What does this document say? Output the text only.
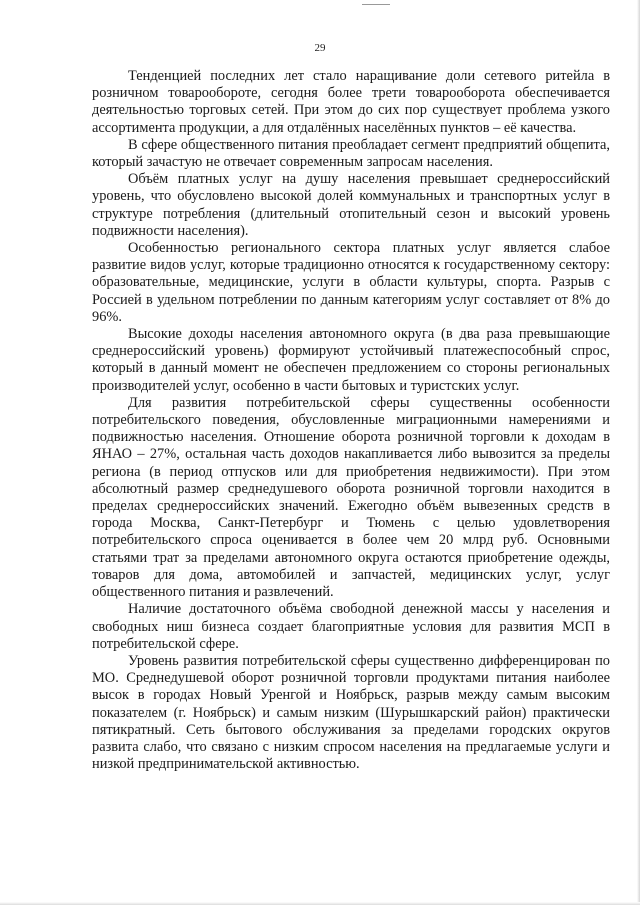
29

Тенденцией последних лет стало наращивание доли сетевого ритейла в розничном товарообороте, сегодня более трети товарооборота обеспечивается деятельностью торговых сетей. При этом до сих пор существует проблема узкого ассортимента продукции, а для отдалённых населённых пунктов – её качества.

В сфере общественного питания преобладает сегмент предприятий общепита, который зачастую не отвечает современным запросам населения.

Объём платных услуг на душу населения превышает среднероссийский уровень, что обусловлено высокой долей коммунальных и транспортных услуг в структуре потребления (длительный отопительный сезон и высокий уровень подвижности населения).

Особенностью регионального сектора платных услуг является слабое развитие видов услуг, которые традиционно относятся к государственному сектору: образовательные, медицинские, услуги в области культуры, спорта. Разрыв с Россией в удельном потреблении по данным категориям услуг составляет от 8% до 96%.

Высокие доходы населения автономного округа (в два раза превышающие среднероссийский уровень) формируют устойчивый платежеспособный спрос, который в данный момент не обеспечен предложением со стороны региональных производителей услуг, особенно в части бытовых и туристских услуг.

Для развития потребительской сферы существенны особенности потребительского поведения, обусловленные миграционными намерениями и подвижностью населения. Отношение оборота розничной торговли к доходам в ЯНАО – 27%, остальная часть доходов накапливается либо вывозится за пределы региона (в период отпусков или для приобретения недвижимости). При этом абсолютный размер среднедушевого оборота розничной торговли находится в пределах среднероссийских значений. Ежегодно объём вывезенных средств в города Москва, Санкт-Петербург и Тюмень с целью удовлетворения потребительского спроса оценивается в более чем 20 млрд руб. Основными статьями трат за пределами автономного округа остаются приобретение одежды, товаров для дома, автомобилей и запчастей, медицинских услуг, услуг общественного питания и развлечений.

Наличие достаточного объёма свободной денежной массы у населения и свободных ниш бизнеса создает благоприятные условия для развития МСП в потребительской сфере.

Уровень развития потребительской сферы существенно дифференцирован по МО. Среднедушевой оборот розничной торговли продуктами питания наиболее высок в городах Новый Уренгой и Ноябрьск, разрыв между самым высоким показателем (г. Ноябрьск) и самым низким (Шурышкарский район) практически пятикратный. Сеть бытового обслуживания за пределами городских округов развита слабо, что связано с низким спросом населения на предлагаемые услуги и низкой предпринимательской активностью.
